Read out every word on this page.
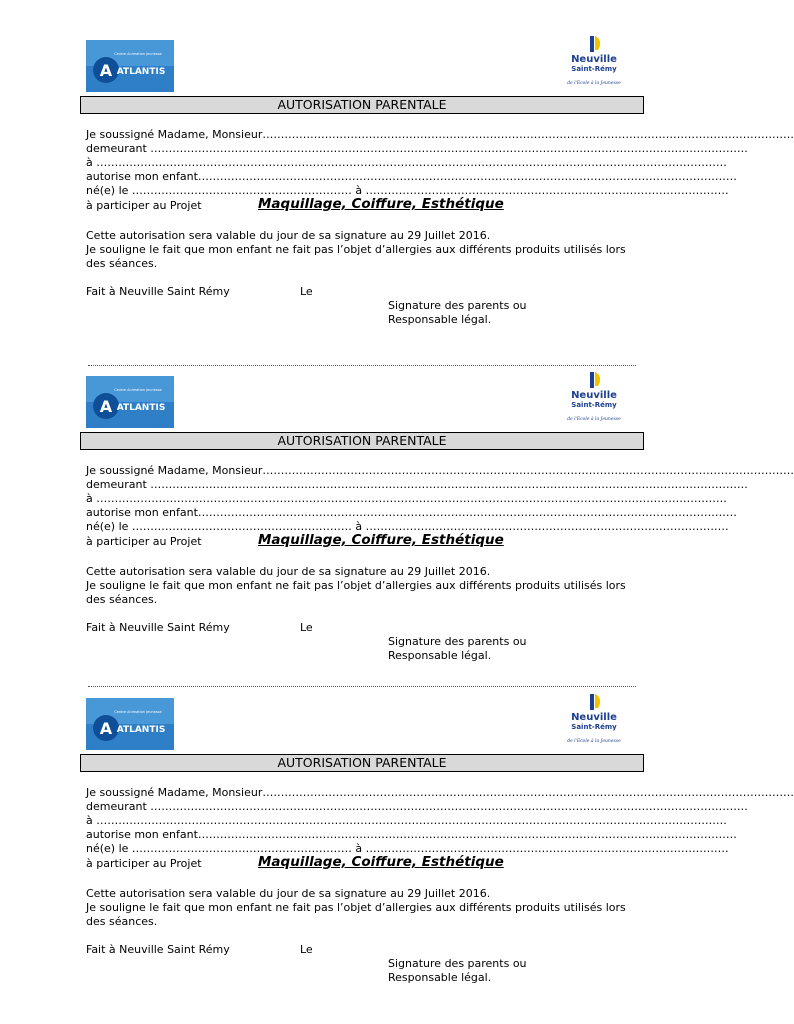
A ATLANTIS
Centre Animation Jeunesse	Neuville
Saint-Rémy
de l'Ecole à la Jeunesse
AUTORISATION PARENTALE
Je soussigné Madame, Monsieur……………………………………………………………………………………………………………………………….
demeurant ……………………………………………………………………………………………………………………………………………….
à ……………………………………………………………………………………………………………………………………………………….
autorise mon enfant…………………………………………………………………………………………………………………………………
né(e) le …………………………………………………… à ………………………………………………………………………………………
à participer au Projet	Maquillage, Coiffure, Esthétique
Cette autorisation sera valable du jour de sa signature au 29 Juillet 2016.
Je souligne le fait que mon enfant ne fait pas l’objet d’allergies aux différents produits utilisés lors des séances.
Fait à Neuville Saint Rémy	Le
Signature des parents ou
Responsable légal.
A ATLANTIS
Centre Animation Jeunesse	Neuville
Saint-Rémy
de l'Ecole à la Jeunesse
AUTORISATION PARENTALE
Je soussigné Madame, Monsieur……………………………………………………………………………………………………………………………….
demeurant ……………………………………………………………………………………………………………………………………………….
à ……………………………………………………………………………………………………………………………………………………….
autorise mon enfant…………………………………………………………………………………………………………………………………
né(e) le …………………………………………………… à ………………………………………………………………………………………
à participer au Projet	Maquillage, Coiffure, Esthétique
Cette autorisation sera valable du jour de sa signature au 29 Juillet 2016.
Je souligne le fait que mon enfant ne fait pas l’objet d’allergies aux différents produits utilisés lors des séances.
Fait à Neuville Saint Rémy	Le
Signature des parents ou
Responsable légal.
A ATLANTIS
Centre Animation Jeunesse	Neuville
Saint-Rémy
de l'Ecole à la Jeunesse
AUTORISATION PARENTALE
Je soussigné Madame, Monsieur……………………………………………………………………………………………………………………………….
demeurant ……………………………………………………………………………………………………………………………………………….
à ……………………………………………………………………………………………………………………………………………………….
autorise mon enfant…………………………………………………………………………………………………………………………………
né(e) le …………………………………………………… à ………………………………………………………………………………………
à participer au Projet	Maquillage, Coiffure, Esthétique
Cette autorisation sera valable du jour de sa signature au 29 Juillet 2016.
Je souligne le fait que mon enfant ne fait pas l’objet d’allergies aux différents produits utilisés lors des séances.
Fait à Neuville Saint Rémy	Le
Signature des parents ou
Responsable légal.
